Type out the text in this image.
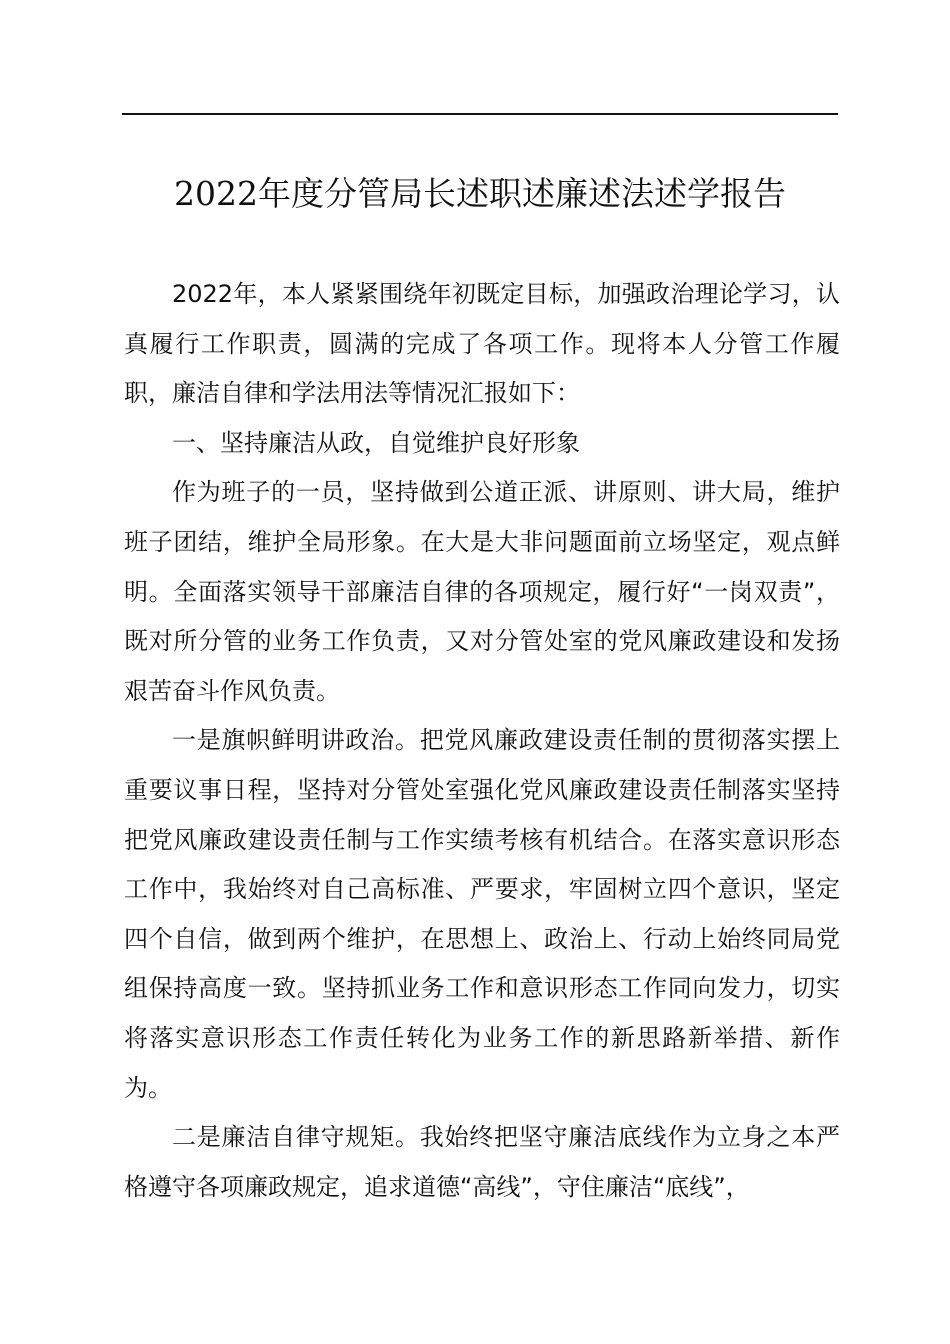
2022年度分管局长述职述廉述法述学报告

2022年，本人紧紧围绕年初既定目标，加强政治理论学习，认真履行工作职责，圆满的完成了各项工作。现将本人分管工作履职，廉洁自律和学法用法等情况汇报如下：

一、坚持廉洁从政，自觉维护良好形象

作为班子的一员，坚持做到公道正派、讲原则、讲大局，维护班子团结，维护全局形象。在大是大非问题面前立场坚定，观点鲜明。全面落实领导干部廉洁自律的各项规定，履行好“一岗双责”，既对所分管的业务工作负责，又对分管处室的党风廉政建设和发扬艰苦奋斗作风负责。

一是旗帜鲜明讲政治。把党风廉政建设责任制的贯彻落实摆上重要议事日程，坚持对分管处室强化党风廉政建设责任制落实坚持把党风廉政建设责任制与工作实绩考核有机结合。在落实意识形态工作中，我始终对自己高标准、严要求，牢固树立四个意识，坚定四个自信，做到两个维护，在思想上、政治上、行动上始终同局党组保持高度一致。坚持抓业务工作和意识形态工作同向发力，切实将落实意识形态工作责任转化为业务工作的新思路新举措、新作为。

二是廉洁自律守规矩。我始终把坚守廉洁底线作为立身之本严格遵守各项廉政规定，追求道德“高线”，守住廉洁“底线”，
